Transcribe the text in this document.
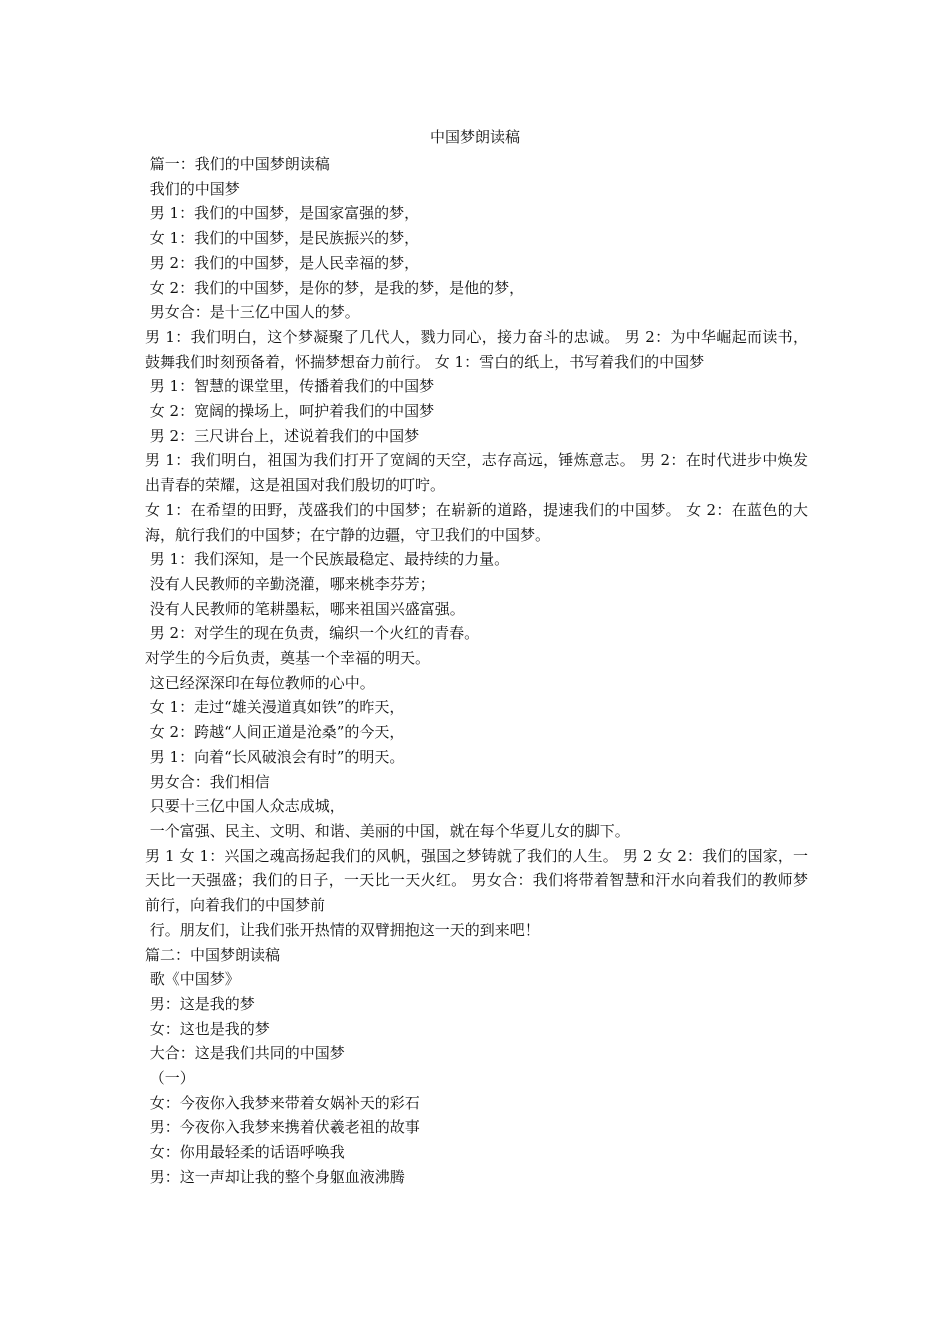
中国梦朗读稿
篇一：我们的中国梦朗读稿
我们的中国梦
男 1：我们的中国梦，是国家富强的梦，
女 1：我们的中国梦，是民族振兴的梦，
男 2：我们的中国梦，是人民幸福的梦，
女 2：我们的中国梦，是你的梦，是我的梦，是他的梦，
男女合：是十三亿中国人的梦。
男 1：我们明白，这个梦凝聚了几代人，戮力同心，接力奋斗的忠诚。 男 2：为中华崛起而读书，鼓舞我们时刻预备着，怀揣梦想奋力前行。 女 1：雪白的纸上，书写着我们的中国梦
男 1：智慧的课堂里，传播着我们的中国梦
女 2：宽阔的操场上，呵护着我们的中国梦
男 2：三尺讲台上，述说着我们的中国梦
男 1：我们明白，祖国为我们打开了宽阔的天空，志存高远，锤炼意志。 男 2：在时代进步中焕发出青春的荣耀，这是祖国对我们殷切的叮咛。
女 1：在希望的田野，茂盛我们的中国梦；在崭新的道路，提速我们的中国梦。 女 2：在蓝色的大海，航行我们的中国梦；在宁静的边疆，守卫我们的中国梦。
男 1：我们深知，是一个民族最稳定、最持续的力量。
没有人民教师的辛勤浇灌，哪来桃李芬芳；
没有人民教师的笔耕墨耘，哪来祖国兴盛富强。
男 2：对学生的现在负责，编织一个火红的青春。
对学生的今后负责，奠基一个幸福的明天。
这已经深深印在每位教师的心中。
女 1：走过“雄关漫道真如铁”的昨天，
女 2：跨越“人间正道是沧桑”的今天，
男 1：向着“长风破浪会有时”的明天。
男女合：我们相信
只要十三亿中国人众志成城，
一个富强、民主、文明、和谐、美丽的中国，就在每个华夏儿女的脚下。
男 1 女 1：兴国之魂高扬起我们的风帆，强国之梦铸就了我们的人生。 男 2 女 2：我们的国家，一天比一天强盛；我们的日子，一天比一天火红。 男女合：我们将带着智慧和汗水向着我们的教师梦前行，向着我们的中国梦前
行。朋友们，让我们张开热情的双臂拥抱这一天的到来吧！
篇二：中国梦朗读稿
歌《中国梦》
男：这是我的梦
女：这也是我的梦
大合：这是我们共同的中国梦
（一）
女：今夜你入我梦来带着女娲补天的彩石
男：今夜你入我梦来携着伏羲老祖的故事
女：你用最轻柔的话语呼唤我
男：这一声却让我的整个身躯血液沸腾
